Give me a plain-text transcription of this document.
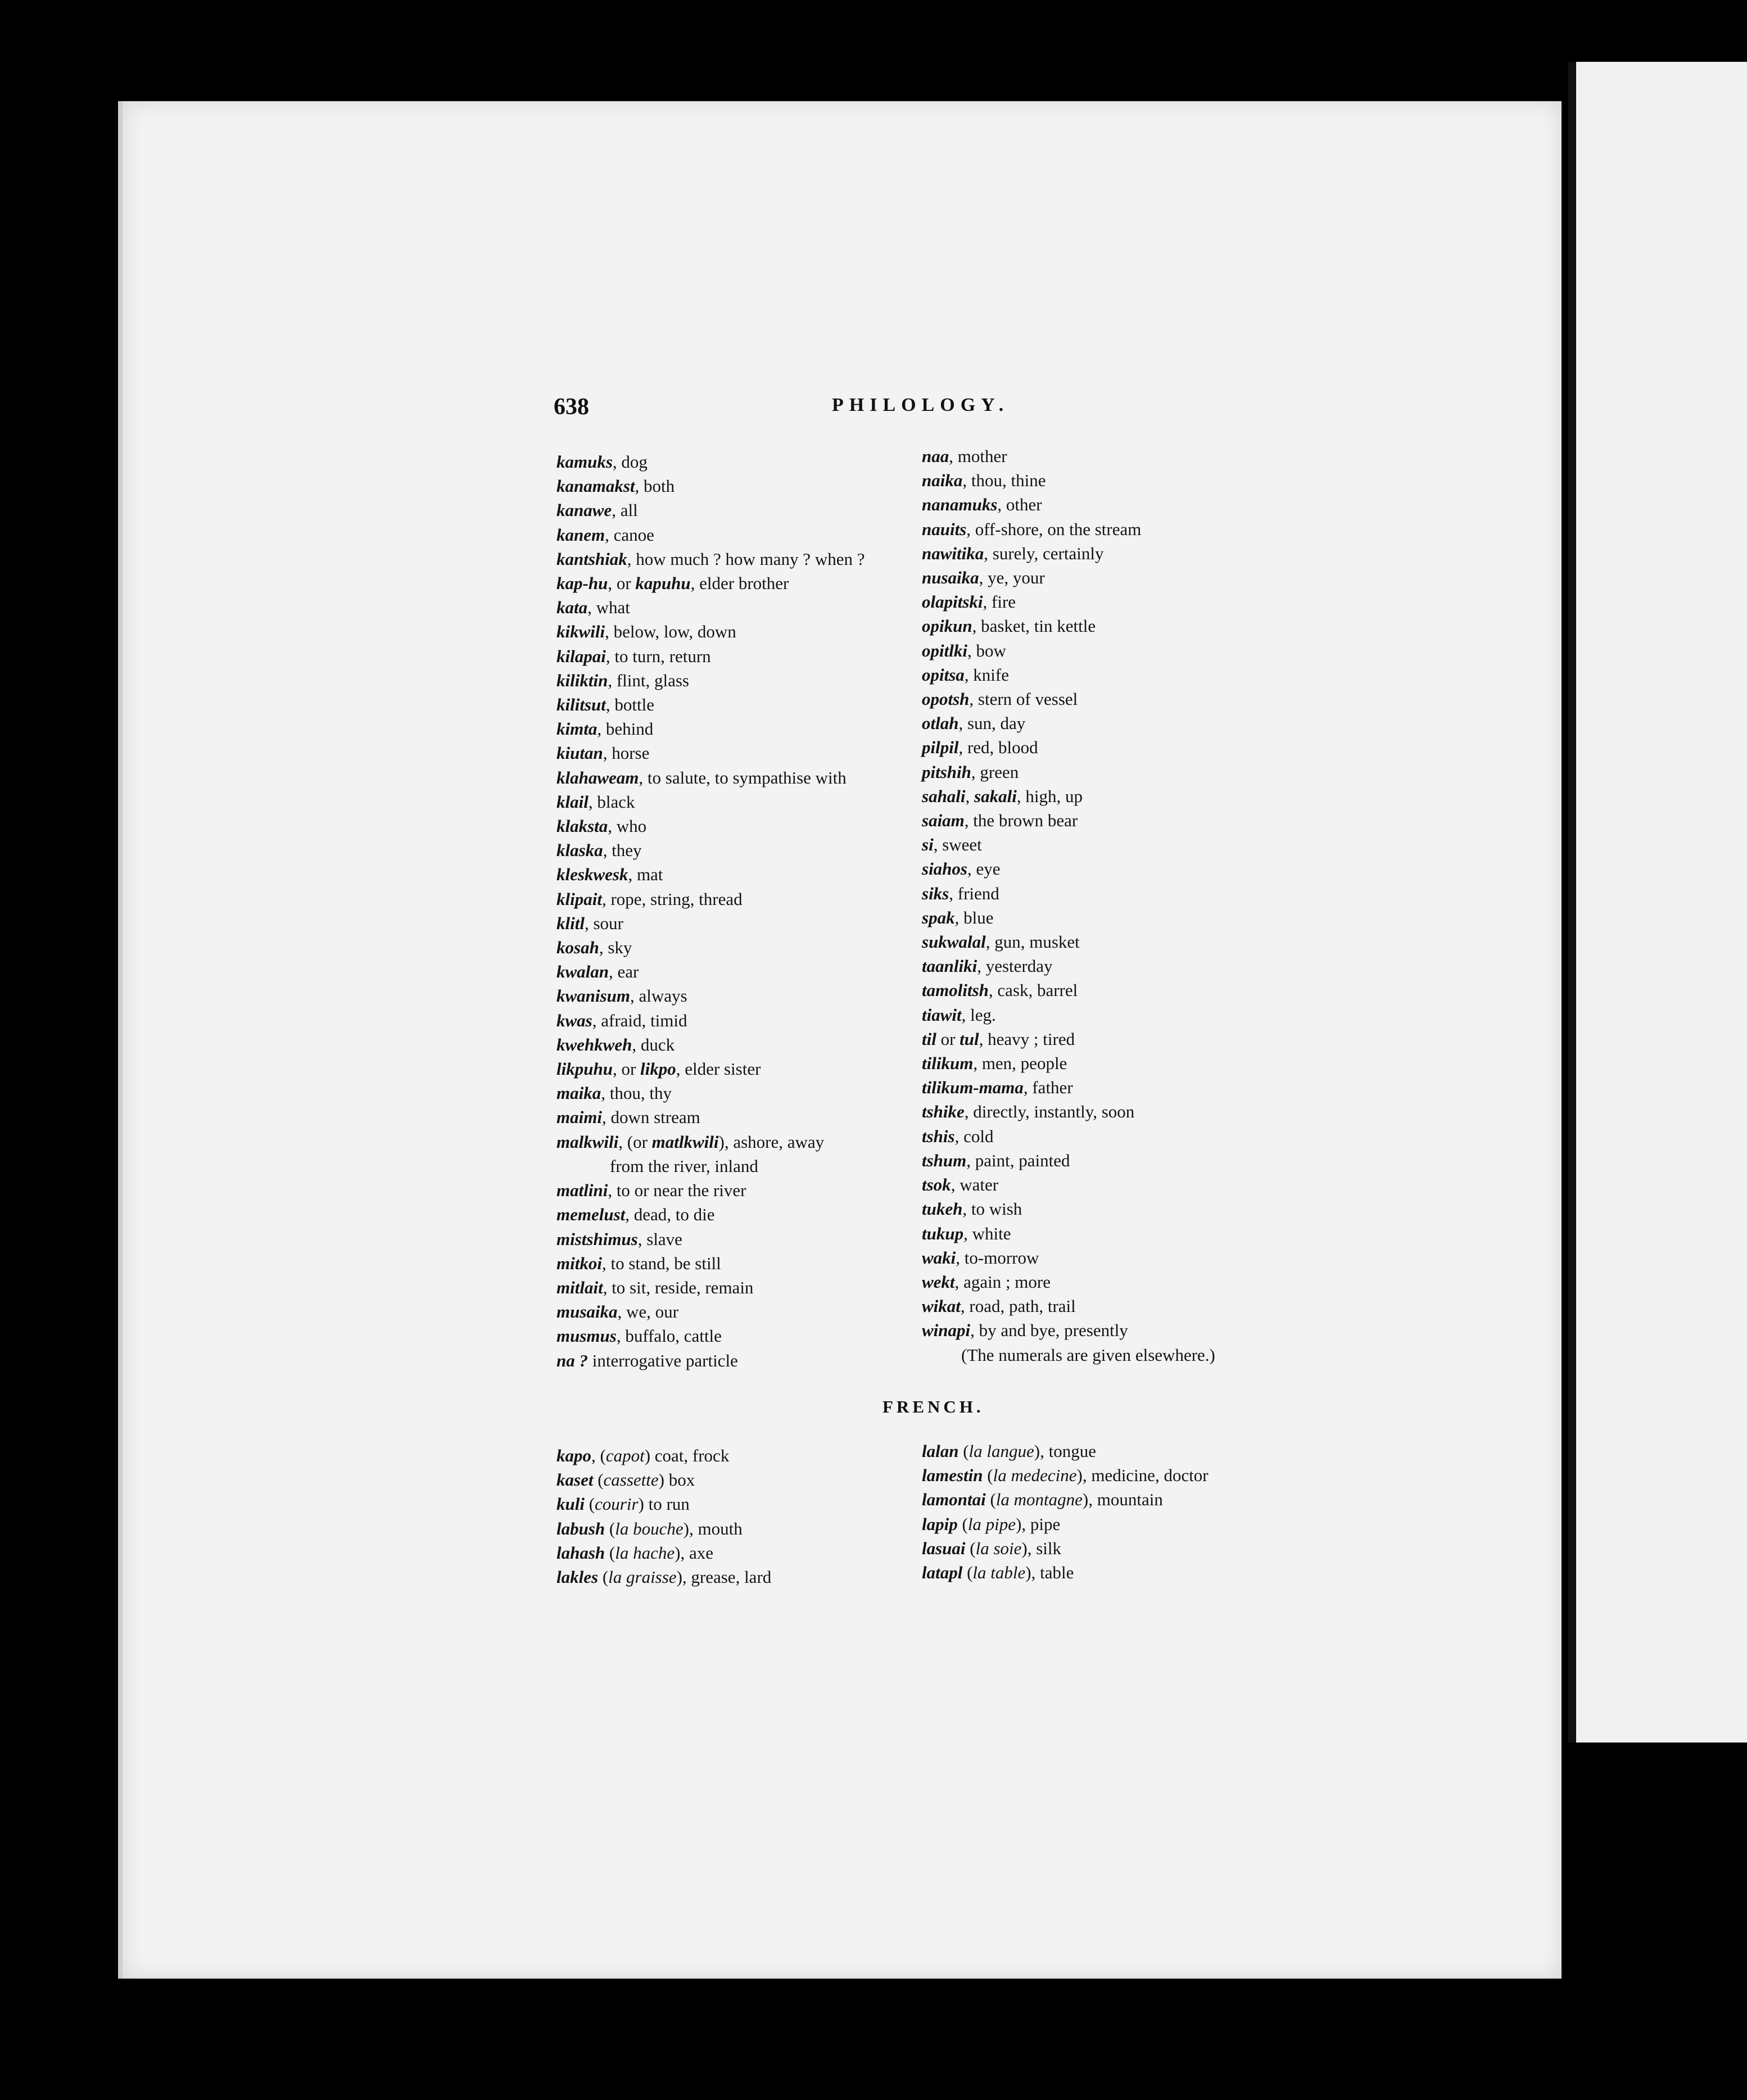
638	PHILOLOGY.
kamuks, dog
kanamakst, both
kanawe, all
kanem, canoe
kantshiak, how much ? how many ? when ?
kap-hu, or kapuhu, elder brother
kata, what
kikwili, below, low, down
kilapai, to turn, return
kiliktin, flint, glass
kilitsut, bottle
kimta, behind
kiutan, horse
klahaweam, to salute, to sympathise with
klail, black
klaksta, who
klaska, they
kleskwesk, mat
klipait, rope, string, thread
klitl, sour
kosah, sky
kwalan, ear
kwanisum, always
kwas, afraid, timid
kwehkweh, duck
likpuhu, or likpo, elder sister
maika, thou, thy
maimi, down stream
malkwili, (or matlkwili), ashore, away
from the river, inland
matlini, to or near the river
memelust, dead, to die
mistshimus, slave
mitkoi, to stand, be still
mitlait, to sit, reside, remain
musaika, we, our
musmus, buffalo, cattle
na ? interrogative particle
naa, mother
naika, thou, thine
nanamuks, other
nauits, off-shore, on the stream
nawitika, surely, certainly
nusaika, ye, your
olapitski, fire
opikun, basket, tin kettle
opitlki, bow
opitsa, knife
opotsh, stern of vessel
otlah, sun, day
pilpil, red, blood
pitshih, green
sahali, sakali, high, up
saiam, the brown bear
si, sweet
siahos, eye
siks, friend
spak, blue
sukwalal, gun, musket
taanliki, yesterday
tamolitsh, cask, barrel
tiawit, leg.
til or tul, heavy ; tired
tilikum, men, people
tilikum-mama, father
tshike, directly, instantly, soon
tshis, cold
tshum, paint, painted
tsok, water
tukeh, to wish
tukup, white
waki, to-morrow
wekt, again ; more
wikat, road, path, trail
winapi, by and bye, presently
(The numerals are given elsewhere.)
FRENCH.
kapo, (capot) coat, frock
kaset (cassette) box
kuli (courir) to run
labush (la bouche), mouth
lahash (la hache), axe
lakles (la graisse), grease, lard
lalan (la langue), tongue
lamestin (la medecine), medicine, doctor
lamontai (la montagne), mountain
lapip (la pipe), pipe
lasuai (la soie), silk
latapl (la table), table
